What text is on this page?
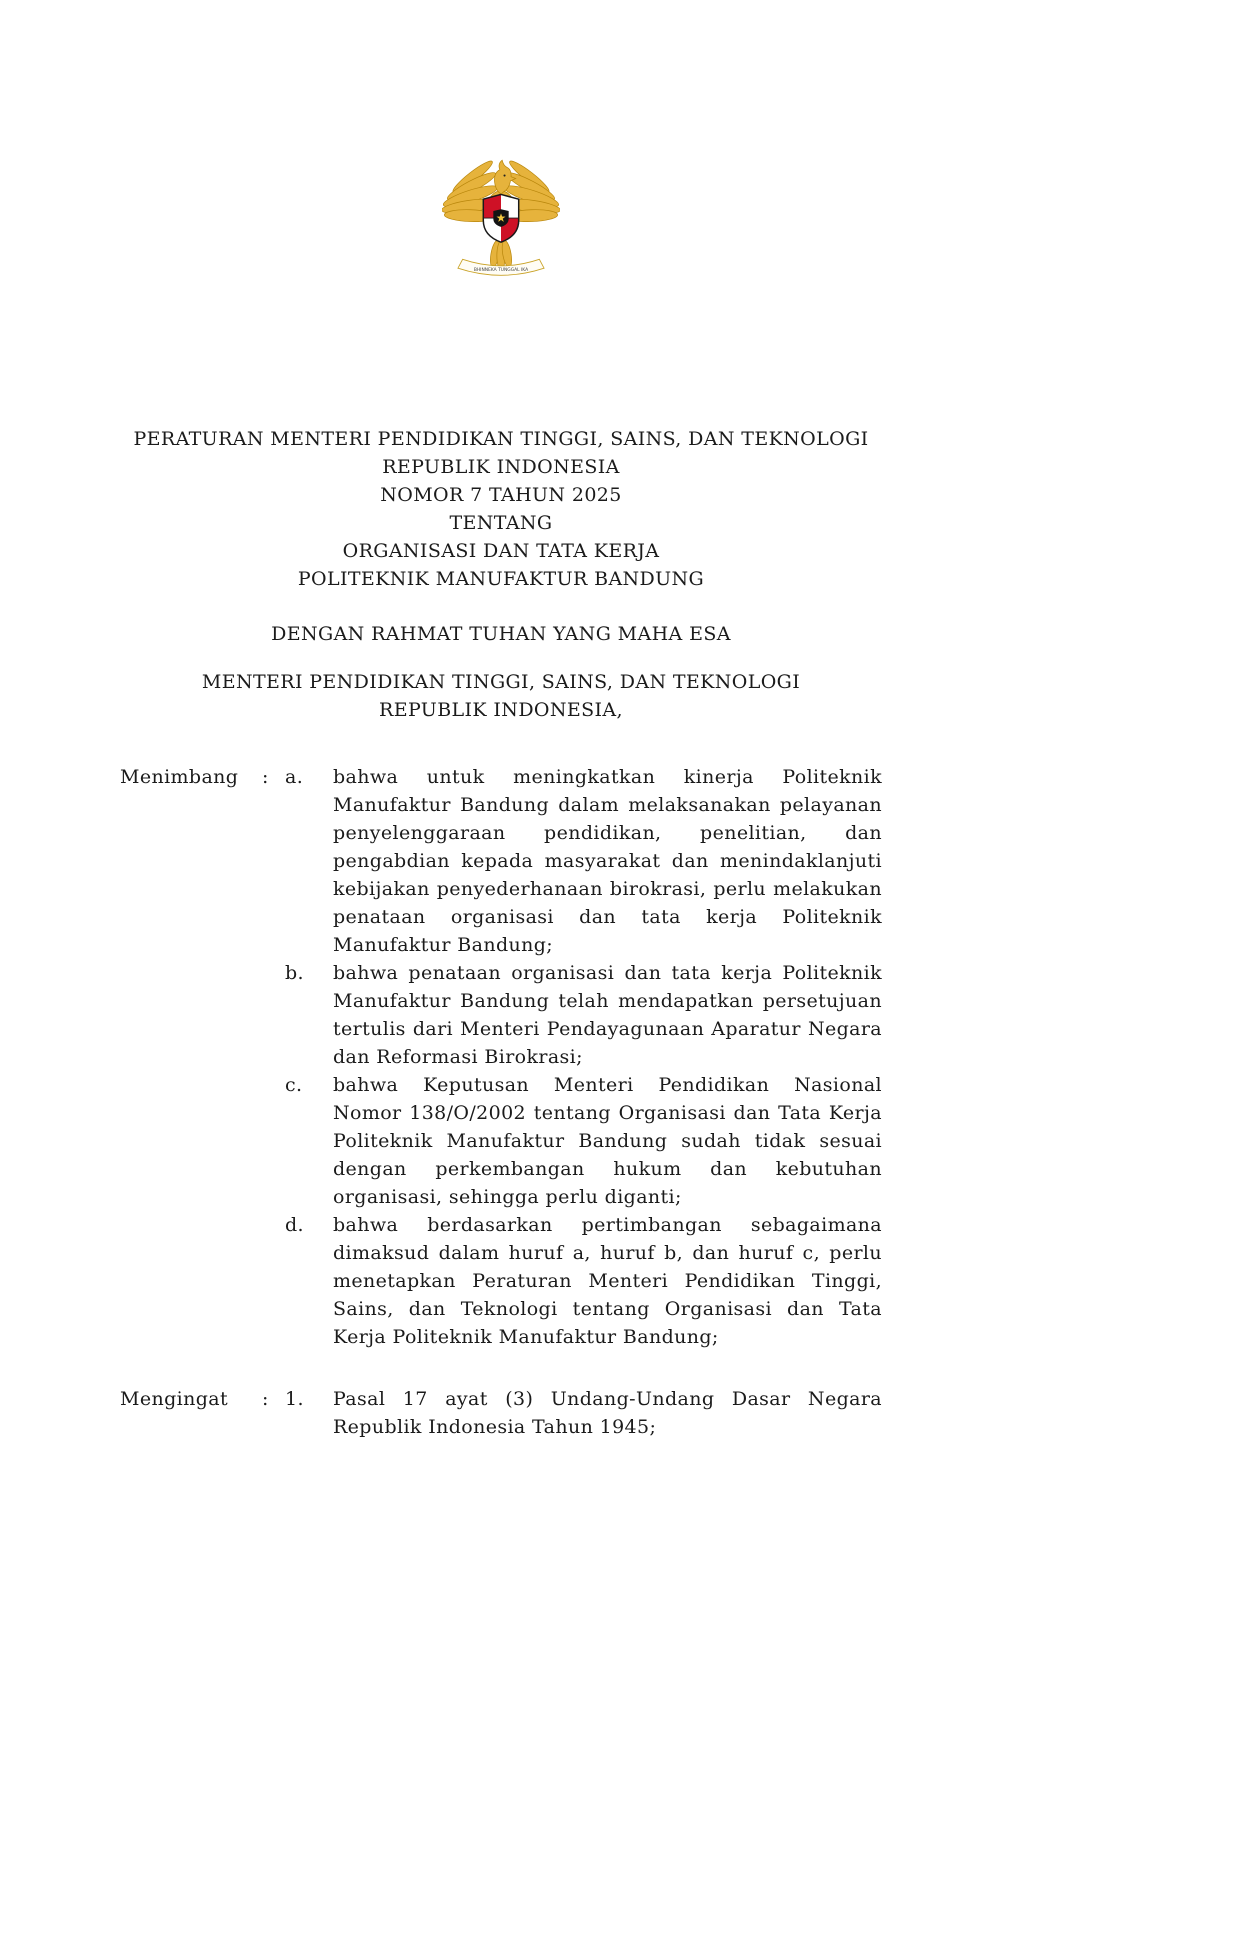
BHINNEKA TUNGGAL IKA
PERATURAN MENTERI PENDIDIKAN TINGGI, SAINS, DAN TEKNOLOGI
REPUBLIK INDONESIA
NOMOR 7 TAHUN 2025
TENTANG
ORGANISASI DAN TATA KERJA
POLITEKNIK MANUFAKTUR BANDUNG
DENGAN RAHMAT TUHAN YANG MAHA ESA
MENTERI PENDIDIKAN TINGGI, SAINS, DAN TEKNOLOGI
REPUBLIK INDONESIA,
Menimbang	: a.	bahwa untuk meningkatkan kinerja Politeknik Manufaktur Bandung dalam melaksanakan pelayanan penyelenggaraan pendidikan, penelitian, dan pengabdian kepada masyarakat dan menindaklanjuti kebijakan penyederhanaan birokrasi, perlu melakukan penataan organisasi dan tata kerja Politeknik Manufaktur Bandung;
b.	bahwa penataan organisasi dan tata kerja Politeknik Manufaktur Bandung telah mendapatkan persetujuan tertulis dari Menteri Pendayagunaan Aparatur Negara dan Reformasi Birokrasi;
c.	bahwa Keputusan Menteri Pendidikan Nasional Nomor 138/O/2002 tentang Organisasi dan Tata Kerja Politeknik Manufaktur Bandung sudah tidak sesuai dengan perkembangan hukum dan kebutuhan organisasi, sehingga perlu diganti;
d.	bahwa berdasarkan pertimbangan sebagaimana dimaksud dalam huruf a, huruf b, dan huruf c, perlu menetapkan Peraturan Menteri Pendidikan Tinggi, Sains, dan Teknologi tentang Organisasi dan Tata Kerja Politeknik Manufaktur Bandung;
Mengingat	: 1.	Pasal 17 ayat (3) Undang-Undang Dasar Negara Republik Indonesia Tahun 1945;
